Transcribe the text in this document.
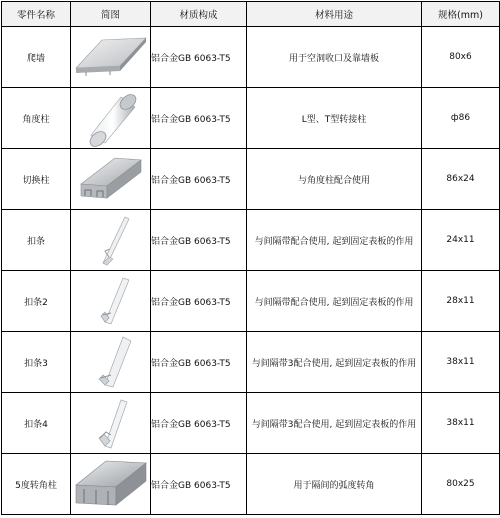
零件名称	简图	材质构成	材料用途	规格(mm)
爬墙		铝合金GB 6063-T5	用于空洞收口及靠墙板	80x6
角度柱		铝合金GB 6063-T5	L型、T型转接柱	ф86
切换柱		铝合金GB 6063-T5	与角度柱配合使用	86x24
扣条		铝合金GB 6063-T5	与间隔带配合使用, 起到固定表板的作用	24x11
扣条2		铝合金GB 6063-T5	与间隔带配合使用, 起到固定表板的作用	28x11
扣条3		铝合金GB 6063-T5	与间隔带3配合使用, 起到固定表板的作用	38x11
扣条4		铝合金GB 6063-T5	与间隔带3配合使用, 起到固定表板的作用	38x11
5度转角柱		铝合金GB 6063-T5	用于隔间的弧度转角	80x25
